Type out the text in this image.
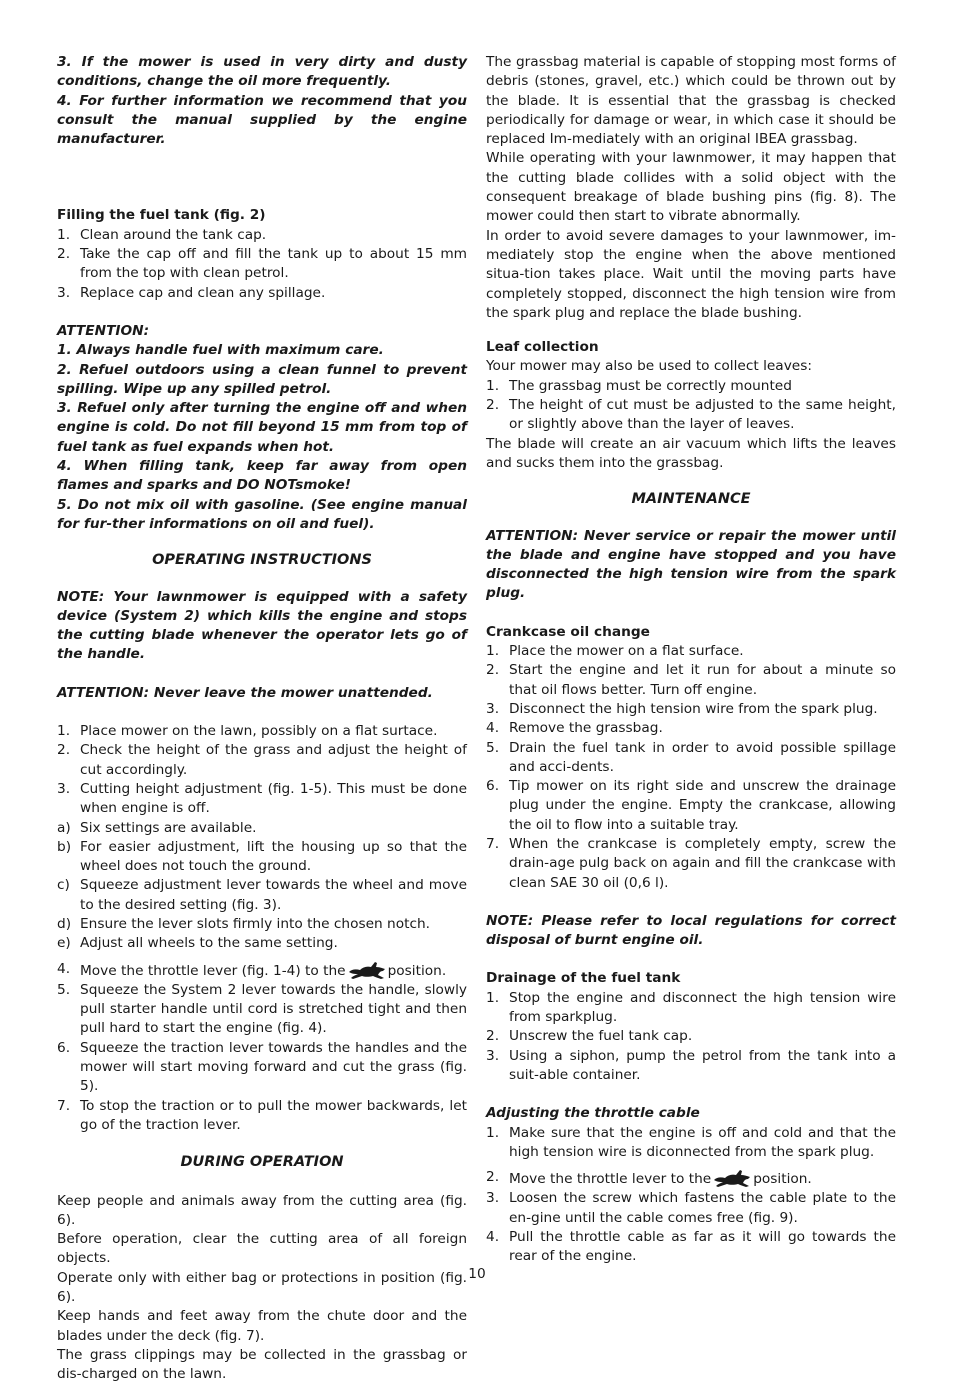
3. If the mower is used in very dirty and dusty conditions, change the oil more frequently.

4. For further information we recommend that you consult the manual supplied by the engine manufacturer.

Filling the fuel tank (fig. 2)

1. Clean around the tank cap.
2. Take the cap off and fill the tank up to about 15 mm from the top with clean petrol.
3. Replace cap and clean any spillage.

ATTENTION:

1. Always handle fuel with maximum care.

2. Refuel outdoors using a clean funnel to prevent spilling. Wipe up any spilled petrol.

3. Refuel only after turning the engine off and when engine is cold. Do not fill beyond 15 mm from top of fuel tank as fuel expands when hot.

4. When filling tank, keep far away from open flames and sparks and DO NOTsmoke!

5. Do not mix oil with gasoline. (See engine manual for fur-ther informations on oil and fuel).

OPERATING INSTRUCTIONS

NOTE: Your lawnmower is equipped with a safety device (System 2) which kills the engine and stops the cutting blade whenever the operator lets go of the handle.

ATTENTION: Never leave the mower unattended.

1. Place mower on the lawn, possibly on a flat surtace.
2. Check the height of the grass and adjust the height of cut accordingly.
3. Cutting height adjustment (fig. 1-5). This must be done when engine is off.
a) Six settings are available.
b) For easier adjustment, lift the housing up so that the wheel does not touch the ground.
c) Squeeze adjustment lever towards the wheel and move to the desired setting (fig. 3).
d) Ensure the lever slots firmly into the chosen notch.
e) Adjust all wheels to the same setting.
4. Move the throttle lever (fig. 1-4) to the	position.
5. Squeeze the System 2 lever towards the handle, slowly pull starter handle until cord is stretched tight and then pull hard to start the engine (fig. 4).
6. Squeeze the traction lever towards the handles and the mower will start moving forward and cut the grass (fig. 5).
7. To stop the traction or to pull the mower backwards, let go of the traction lever.

DURING OPERATION

Keep people and animals away from the cutting area (fig. 6).

Before operation, clear the cutting area of all foreign objects.

Operate only with either bag or protections in position (fig. 6).

Keep hands and feet away from the chute door and the blades under the deck (fig. 7).

The grass clippings may be collected in the grassbag or dis-charged on the lawn.

The grassbag material is capable of stopping most forms of debris (stones, gravel, etc.) which could be thrown out by the blade. It is essential that the grassbag is checked periodically for damage or wear, in which case it should be replaced Im-mediately with an original IBEA grassbag.

While operating with your lawnmower, it may happen that the cutting blade collides with a solid object with the consequent breakage of blade bushing pins (fig. 8). The mower could then start to vibrate abnormally.

In order to avoid severe damages to your lawnmower, im-mediately stop the engine when the above mentioned situa-tion takes place. Wait until the moving parts have completely stopped, disconnect the high tension wire from the spark plug and replace the blade bushing.

Leaf collection

Your mower may also be used to collect leaves:

1. The grassbag must be correctly mounted
2. The height of cut must be adjusted to the same height, or slightly above than the layer of leaves.

The blade will create an air vacuum which lifts the leaves and sucks them into the grassbag.

MAINTENANCE

ATTENTION: Never service or repair the mower until the blade and engine have stopped and you have disconnected the high tension wire from the spark plug.

Crankcase oil change

1. Place the mower on a flat surface.
2. Start the engine and let it run for about a minute so that oil flows better. Turn off engine.
3. Disconnect the high tension wire from the spark plug.
4. Remove the grassbag.
5. Drain the fuel tank in order to avoid possible spillage and acci-dents.
6. Tip mower on its right side and unscrew the drainage plug under the engine. Empty the crankcase, allowing the oil to flow into a suitable tray.
7. When the crankcase is completely empty, screw the drain-age pulg back on again and fill the crankcase with clean SAE 30 oil (0,6 l).

NOTE: Please refer to local regulations for correct disposal of burnt engine oil.

Drainage of the fuel tank

1. Stop the engine and disconnect the high tension wire from sparkplug.
2. Unscrew the fuel tank cap.
3. Using a siphon, pump the petrol from the tank into a suit-able container.

Adjusting the throttle cable

1. Make sure that the engine is off and cold and that the high tension wire is diconnected from the spark plug.
2. Move the throttle lever to the	position.
3. Loosen the screw which fastens the cable plate to the en-gine until the cable comes free (fig. 9).
4. Pull the throttle cable as far as it will go towards the rear of the engine.
10
